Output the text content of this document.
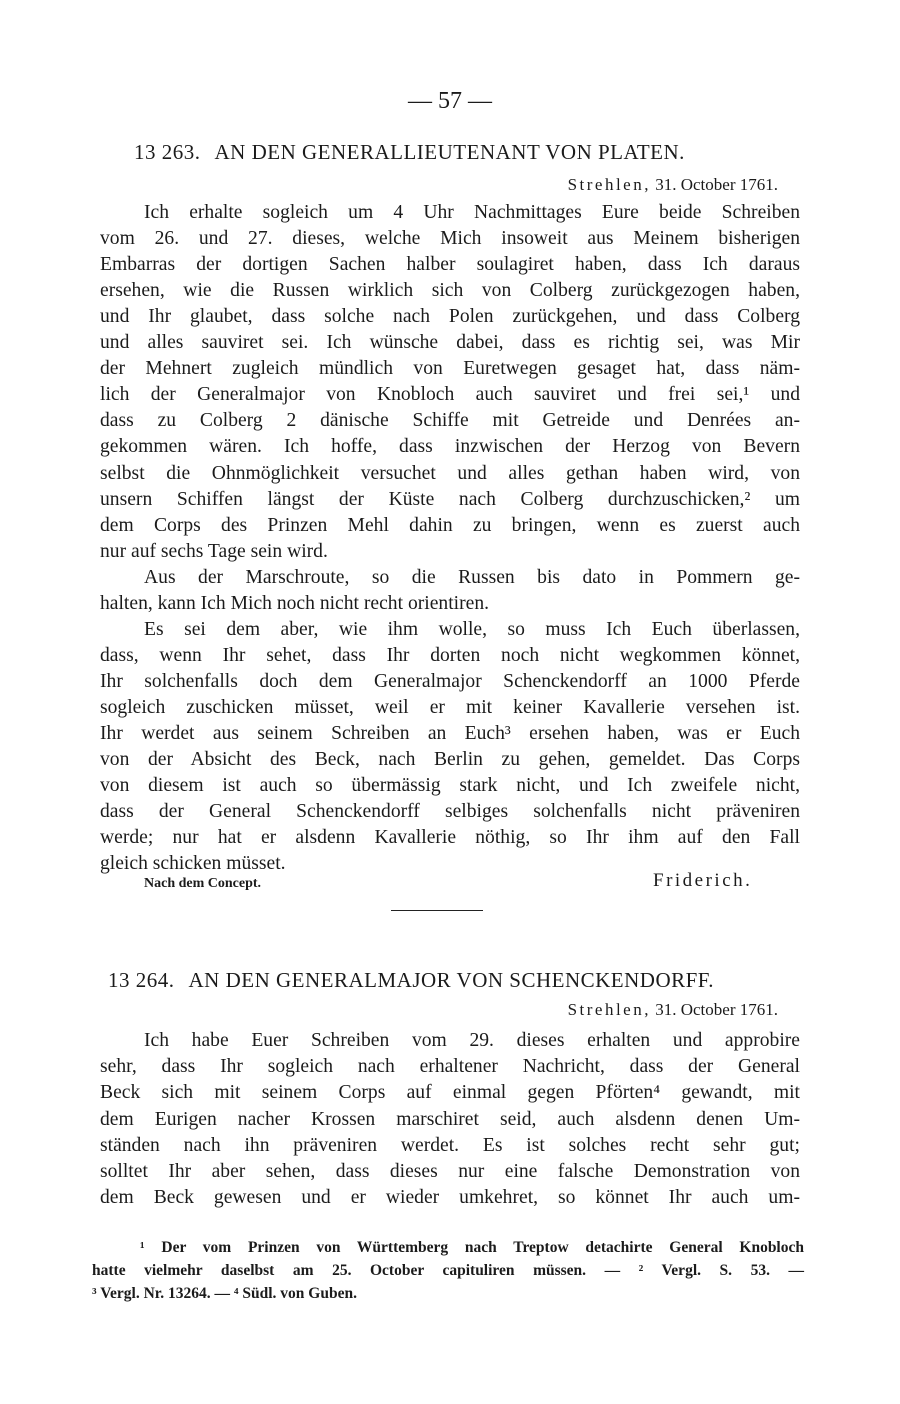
— 57 —
13 263. AN DEN GENERALLIEUTENANT VON PLATEN.
Strehlen, 31. October 1761.
Ich erhalte sogleich um 4 Uhr Nachmittages Eure beide Schreiben
vom 26. und 27. dieses, welche Mich insoweit aus Meinem bisherigen
Embarras der dortigen Sachen halber soulagiret haben, dass Ich daraus
ersehen, wie die Russen wirklich sich von Colberg zurückgezogen haben,
und Ihr glaubet, dass solche nach Polen zurückgehen, und dass Colberg
und alles sauviret sei. Ich wünsche dabei, dass es richtig sei, was Mir
der Mehnert zugleich mündlich von Euretwegen gesaget hat, dass näm-
lich der Generalmajor von Knobloch auch sauviret und frei sei,¹ und
dass zu Colberg 2 dänische Schiffe mit Getreide und Denrées an-
gekommen wären. Ich hoffe, dass inzwischen der Herzog von Bevern
selbst die Ohnmöglichkeit versuchet und alles gethan haben wird, von
unsern Schiffen längst der Küste nach Colberg durchzuschicken,² um
dem Corps des Prinzen Mehl dahin zu bringen, wenn es zuerst auch
nur auf sechs Tage sein wird.
Aus der Marschroute, so die Russen bis dato in Pommern ge-
halten, kann Ich Mich noch nicht recht orientiren.
Es sei dem aber, wie ihm wolle, so muss Ich Euch überlassen,
dass, wenn Ihr sehet, dass Ihr dorten noch nicht wegkommen könnet,
Ihr solchenfalls doch dem Generalmajor Schenckendorff an 1000 Pferde
sogleich zuschicken müsset, weil er mit keiner Kavallerie versehen ist.
Ihr werdet aus seinem Schreiben an Euch³ ersehen haben, was er Euch
von der Absicht des Beck, nach Berlin zu gehen, gemeldet. Das Corps
von diesem ist auch so übermässig stark nicht, und Ich zweifele nicht,
dass der General Schenckendorff selbiges solchenfalls nicht präveniren
werde; nur hat er alsdenn Kavallerie nöthig, so Ihr ihm auf den Fall
gleich schicken müsset.
Nach dem Concept.	Friderich.
13 264. AN DEN GENERALMAJOR VON SCHENCKENDORFF.
Strehlen, 31. October 1761.
Ich habe Euer Schreiben vom 29. dieses erhalten und approbire
sehr, dass Ihr sogleich nach erhaltener Nachricht, dass der General
Beck sich mit seinem Corps auf einmal gegen Pförten⁴ gewandt, mit
dem Eurigen nacher Krossen marschiret seid, auch alsdenn denen Um-
ständen nach ihn präveniren werdet. Es ist solches recht sehr gut;
solltet Ihr aber sehen, dass dieses nur eine falsche Demonstration von
dem Beck gewesen und er wieder umkehret, so könnet Ihr auch um-
¹ Der vom Prinzen von Württemberg nach Treptow detachirte General Knobloch
hatte vielmehr daselbst am 25. October capituliren müssen. — ² Vergl. S. 53. —
³ Vergl. Nr. 13264. — ⁴ Südl. von Guben.
